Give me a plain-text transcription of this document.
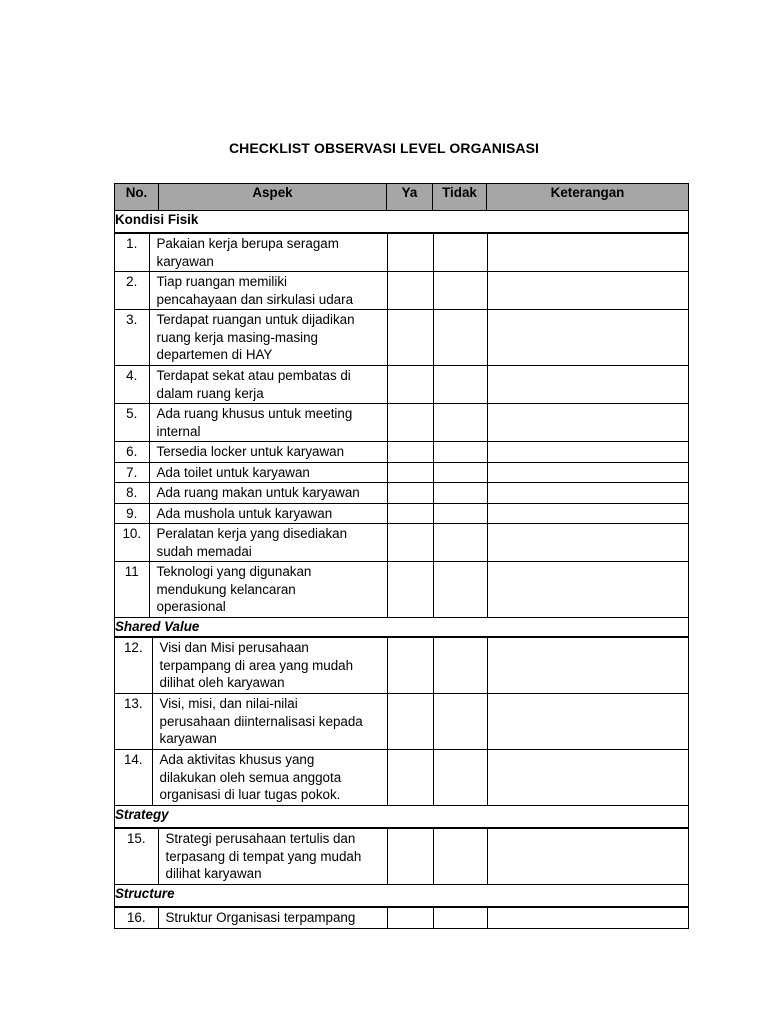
CHECKLIST OBSERVASI LEVEL ORGANISASI
No.	Aspek	Ya	Tidak	Keterangan
Kondisi Fisik

1.	Pakaian kerja berupa seragam
karyawan

2.	Tiap ruangan memiliki
pencahayaan dan sirkulasi udara

3.	Terdapat ruangan untuk dijadikan
ruang kerja masing-masing
departemen di HAY

4.	Terdapat sekat atau pembatas di
dalam ruang kerja

5.	Ada ruang khusus untuk meeting
internal

6.	Tersedia locker untuk karyawan

7.	Ada toilet untuk karyawan

8.	Ada ruang makan untuk karyawan

9.	Ada mushola untuk karyawan

10.	Peralatan kerja yang disediakan
sudah memadai

11	Teknologi yang digunakan
mendukung kelancaran
operasional

Shared Value

12.	Visi dan Misi perusahaan
terpampang di area yang mudah
dilihat oleh karyawan

13.	Visi, misi, dan nilai-nilai
perusahaan diinternalisasi kepada
karyawan

14.	Ada aktivitas khusus yang
dilakukan oleh semua anggota
organisasi di luar tugas pokok.

Strategy

15.	Strategi perusahaan tertulis dan
terpasang di tempat yang mudah
dilihat karyawan

Structure

16.	Struktur Organisasi terpampang
